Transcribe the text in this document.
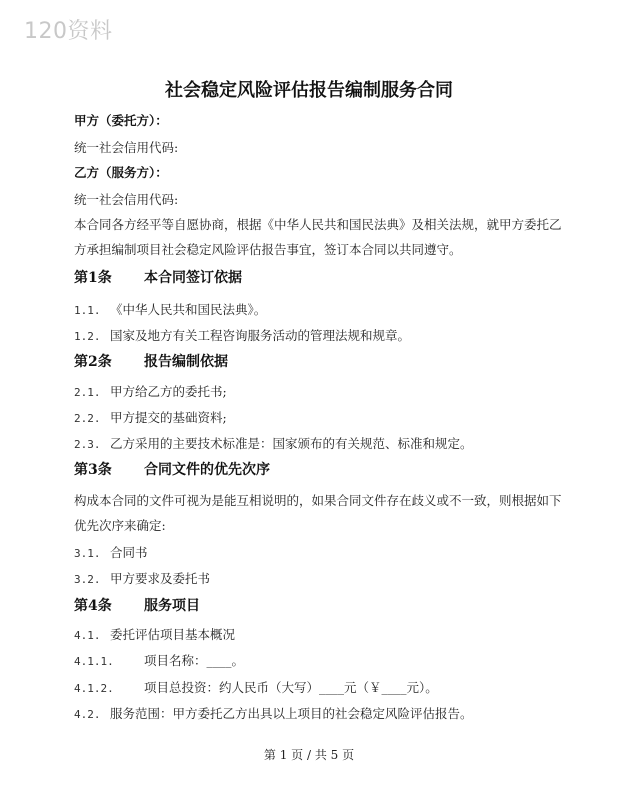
120资料
社会稳定风险评估报告编制服务合同
甲方（委托方）：
统一社会信用代码:
乙方（服务方）：
统一社会信用代码:
本合同各方经平等自愿协商，根据《中华人民共和国民法典》及相关法规，就甲方委托乙
方承担编制项目社会稳定风险评估报告事宜，签订本合同以共同遵守。
第1条 本合同签订依据
1.1. 《中华人民共和国民法典》。
1.2. 国家及地方有关工程咨询服务活动的管理法规和规章。
第2条 报告编制依据
2.1. 甲方给乙方的委托书;
2.2. 甲方提交的基础资料;
2.3. 乙方采用的主要技术标准是：国家颁布的有关规范、标准和规定。
第3条 合同文件的优先次序
构成本合同的文件可视为是能互相说明的，如果合同文件存在歧义或不一致，则根据如下
优先次序来确定:
3.1. 合同书
3.2. 甲方要求及委托书
第4条 服务项目
4.1. 委托评估项目基本概况
4.1.1. 项目名称：____。
4.1.2. 项目总投资：约人民币（大写）____元（￥____元）。
4.2. 服务范围：甲方委托乙方出具以上项目的社会稳定风险评估报告。
第 1 页 / 共 5 页
